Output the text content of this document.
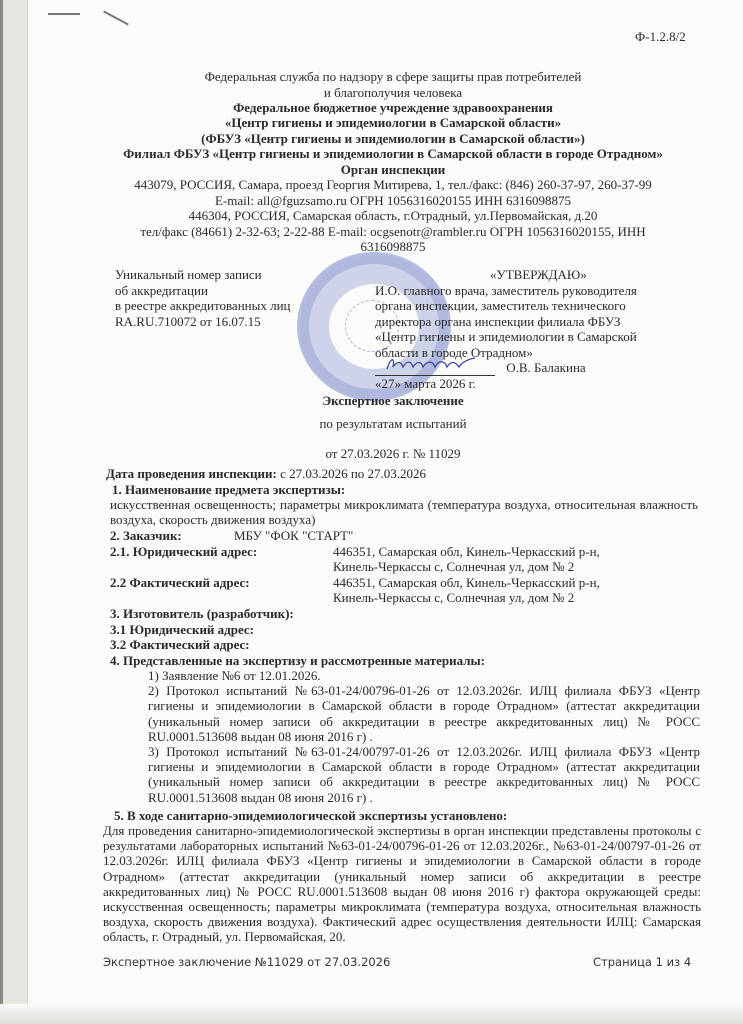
Ф-1.2.8/2
Федеральная служба по надзору в сфере защиты прав потребителей
и благополучия человека
Федеральное бюджетное учреждение здравоохранения
«Центр гигиены и эпидемиологии в Самарской области»
(ФБУЗ «Центр гигиены и эпидемиологии в Самарской области»)
Филиал ФБУЗ «Центр гигиены и эпидемиологии в Самарской области в городе Отрадном»
Орган инспекции
443079, РОССИЯ, Самара, проезд Георгия Митирева, 1, тел./факс: (846) 260-37-97, 260-37-99
E-mail: all@fguzsamo.ru ОГРН 1056316020155 ИНН 6316098875
446304, РОССИЯ, Самарская область, г.Отрадный, ул.Первомайская, д.20
тел/факс (84661) 2-32-63; 2-22-88 E-mail: ocgsenotr@rambler.ru ОГРН 1056316020155, ИНН
6316098875
Уникальный номер записи
об аккредитации
в реестре аккредитованных лиц
RA.RU.710072 от 16.07.15
«УТВЕРЖДАЮ»
И.О. главного врача, заместитель руководителя
органа инспекции, заместитель технического
директора органа инспекции филиала ФБУЗ
«Центр гигиены и эпидемиологии в Самарской
области в городе Отрадном»
О.В. Балакина
«27» марта 2026 г.
Экспертное заключение
по результатам испытаний
от 27.03.2026 г. № 11029
Дата проведения инспекции: с 27.03.2026 по 27.03.2026
1. Наименование предмета экспертизы:
искусственная освещенность; параметры микроклимата (температура воздуха, относительная влажность воздуха, скорость движения воздуха)
2. Заказчик:	МБУ "ФОК "СТАРТ"
2.1. Юридический адрес:	446351, Самарская обл, Кинель-Черкасский р-н, Кинель-Черкассы с, Солнечная ул, дом № 2
2.2 Фактический адрес:	446351, Самарская обл, Кинель-Черкасский р-н, Кинель-Черкассы с, Солнечная ул, дом № 2
3. Изготовитель (разработчик):
3.1 Юридический адрес:
3.2 Фактический адрес:
4. Представленные на экспертизу и рассмотренные материалы:
1) Заявление №6 от 12.01.2026.
2) Протокол испытаний №63-01-24/00796-01-26 от 12.03.2026г. ИЛЦ филиала ФБУЗ «Центр гигиены и эпидемиологии в Самарской области в городе Отрадном» (аттестат аккредитации (уникальный номер записи об аккредитации в реестре аккредитованных лиц) № РОСС RU.0001.513608 выдан 08 июня 2016 г) .
3) Протокол испытаний №63-01-24/00797-01-26 от 12.03.2026г. ИЛЦ филиала ФБУЗ «Центр гигиены и эпидемиологии в Самарской области в городе Отрадном» (аттестат аккредитации (уникальный номер записи об аккредитации в реестре аккредитованных лиц) № РОСС RU.0001.513608 выдан 08 июня 2016 г) .
5. В ходе санитарно-эпидемиологической экспертизы установлено:
Для проведения санитарно-эпидемиологической экспертизы в орган инспекции представлены протоколы с результатами лабораторных испытаний №63-01-24/00796-01-26 от 12.03.2026г., №63-01-24/00797-01-26 от 12.03.2026г. ИЛЦ филиала ФБУЗ «Центр гигиены и эпидемиологии в Самарской области в городе Отрадном» (аттестат аккредитации (уникальный номер записи об аккредитации в реестре аккредитованных лиц) № РОСС RU.0001.513608 выдан 08 июня 2016 г) фактора окружающей среды: искусственная освещенность; параметры микроклимата (температура воздуха, относительная влажность воздуха, скорость движения воздуха). Фактический адрес осуществления деятельности ИЛЦ: Самарская область, г. Отрадный, ул. Первомайская, 20.
Экспертное заключение №11029 от 27.03.2026	Страница 1 из 4
